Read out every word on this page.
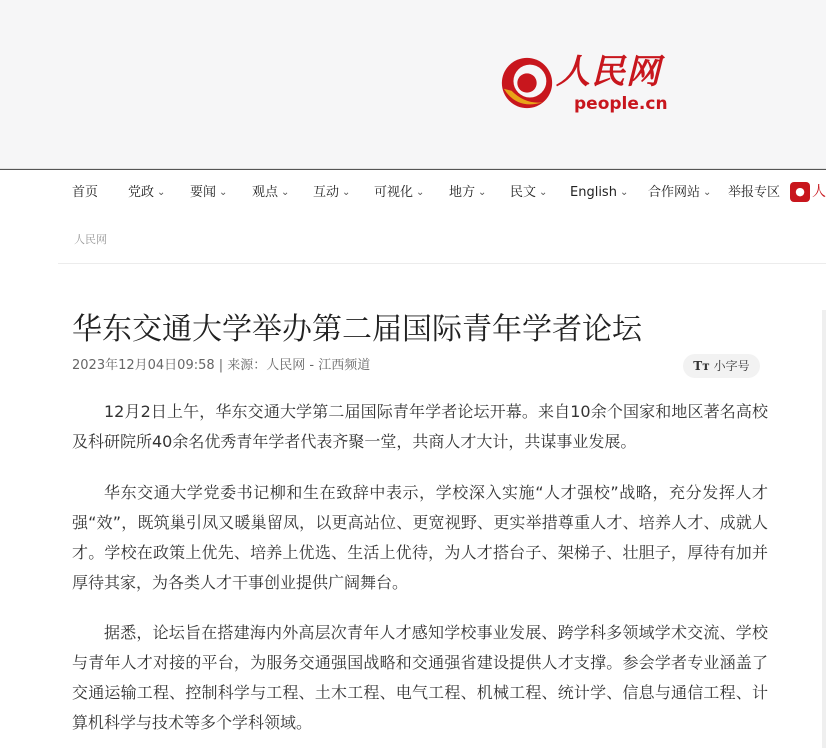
人民网
people.cn
首页 党政 ⌄ 要闻 ⌄ 观点 ⌄ 互动 ⌄ 可视化 ⌄ 地方 ⌄ 民文 ⌄ English ⌄ 合作网站 ⌄ 举报专区	● 人
人民网
华东交通大学举办第二届国际青年学者论坛
2023年12月04日09:58 | 来源：人民网 - 江西频道	Tт 小字号

12月2日上午，华东交通大学第二届国际青年学者论坛开幕。来自10余个国家和地区著名高校及科研院所40余名优秀青年学者代表齐聚一堂，共商人才大计，共谋事业发展。

华东交通大学党委书记柳和生在致辞中表示，学校深入实施“人才强校”战略，充分发挥人才强“效”，既筑巢引凤又暖巢留凤，以更高站位、更宽视野、更实举措尊重人才、培养人才、成就人才。学校在政策上优先、培养上优选、生活上优待，为人才搭台子、架梯子、壮胆子，厚待有加并厚待其家，为各类人才干事创业提供广阔舞台。

据悉，论坛旨在搭建海内外高层次青年人才感知学校事业发展、跨学科多领域学术交流、学校与青年人才对接的平台，为服务交通强国战略和交通强省建设提供人才支撑。参会学者专业涵盖了交通运输工程、控制科学与工程、土木工程、电气工程、机械工程、统计学、信息与通信工程、计算机科学与技术等多个学科领域。
